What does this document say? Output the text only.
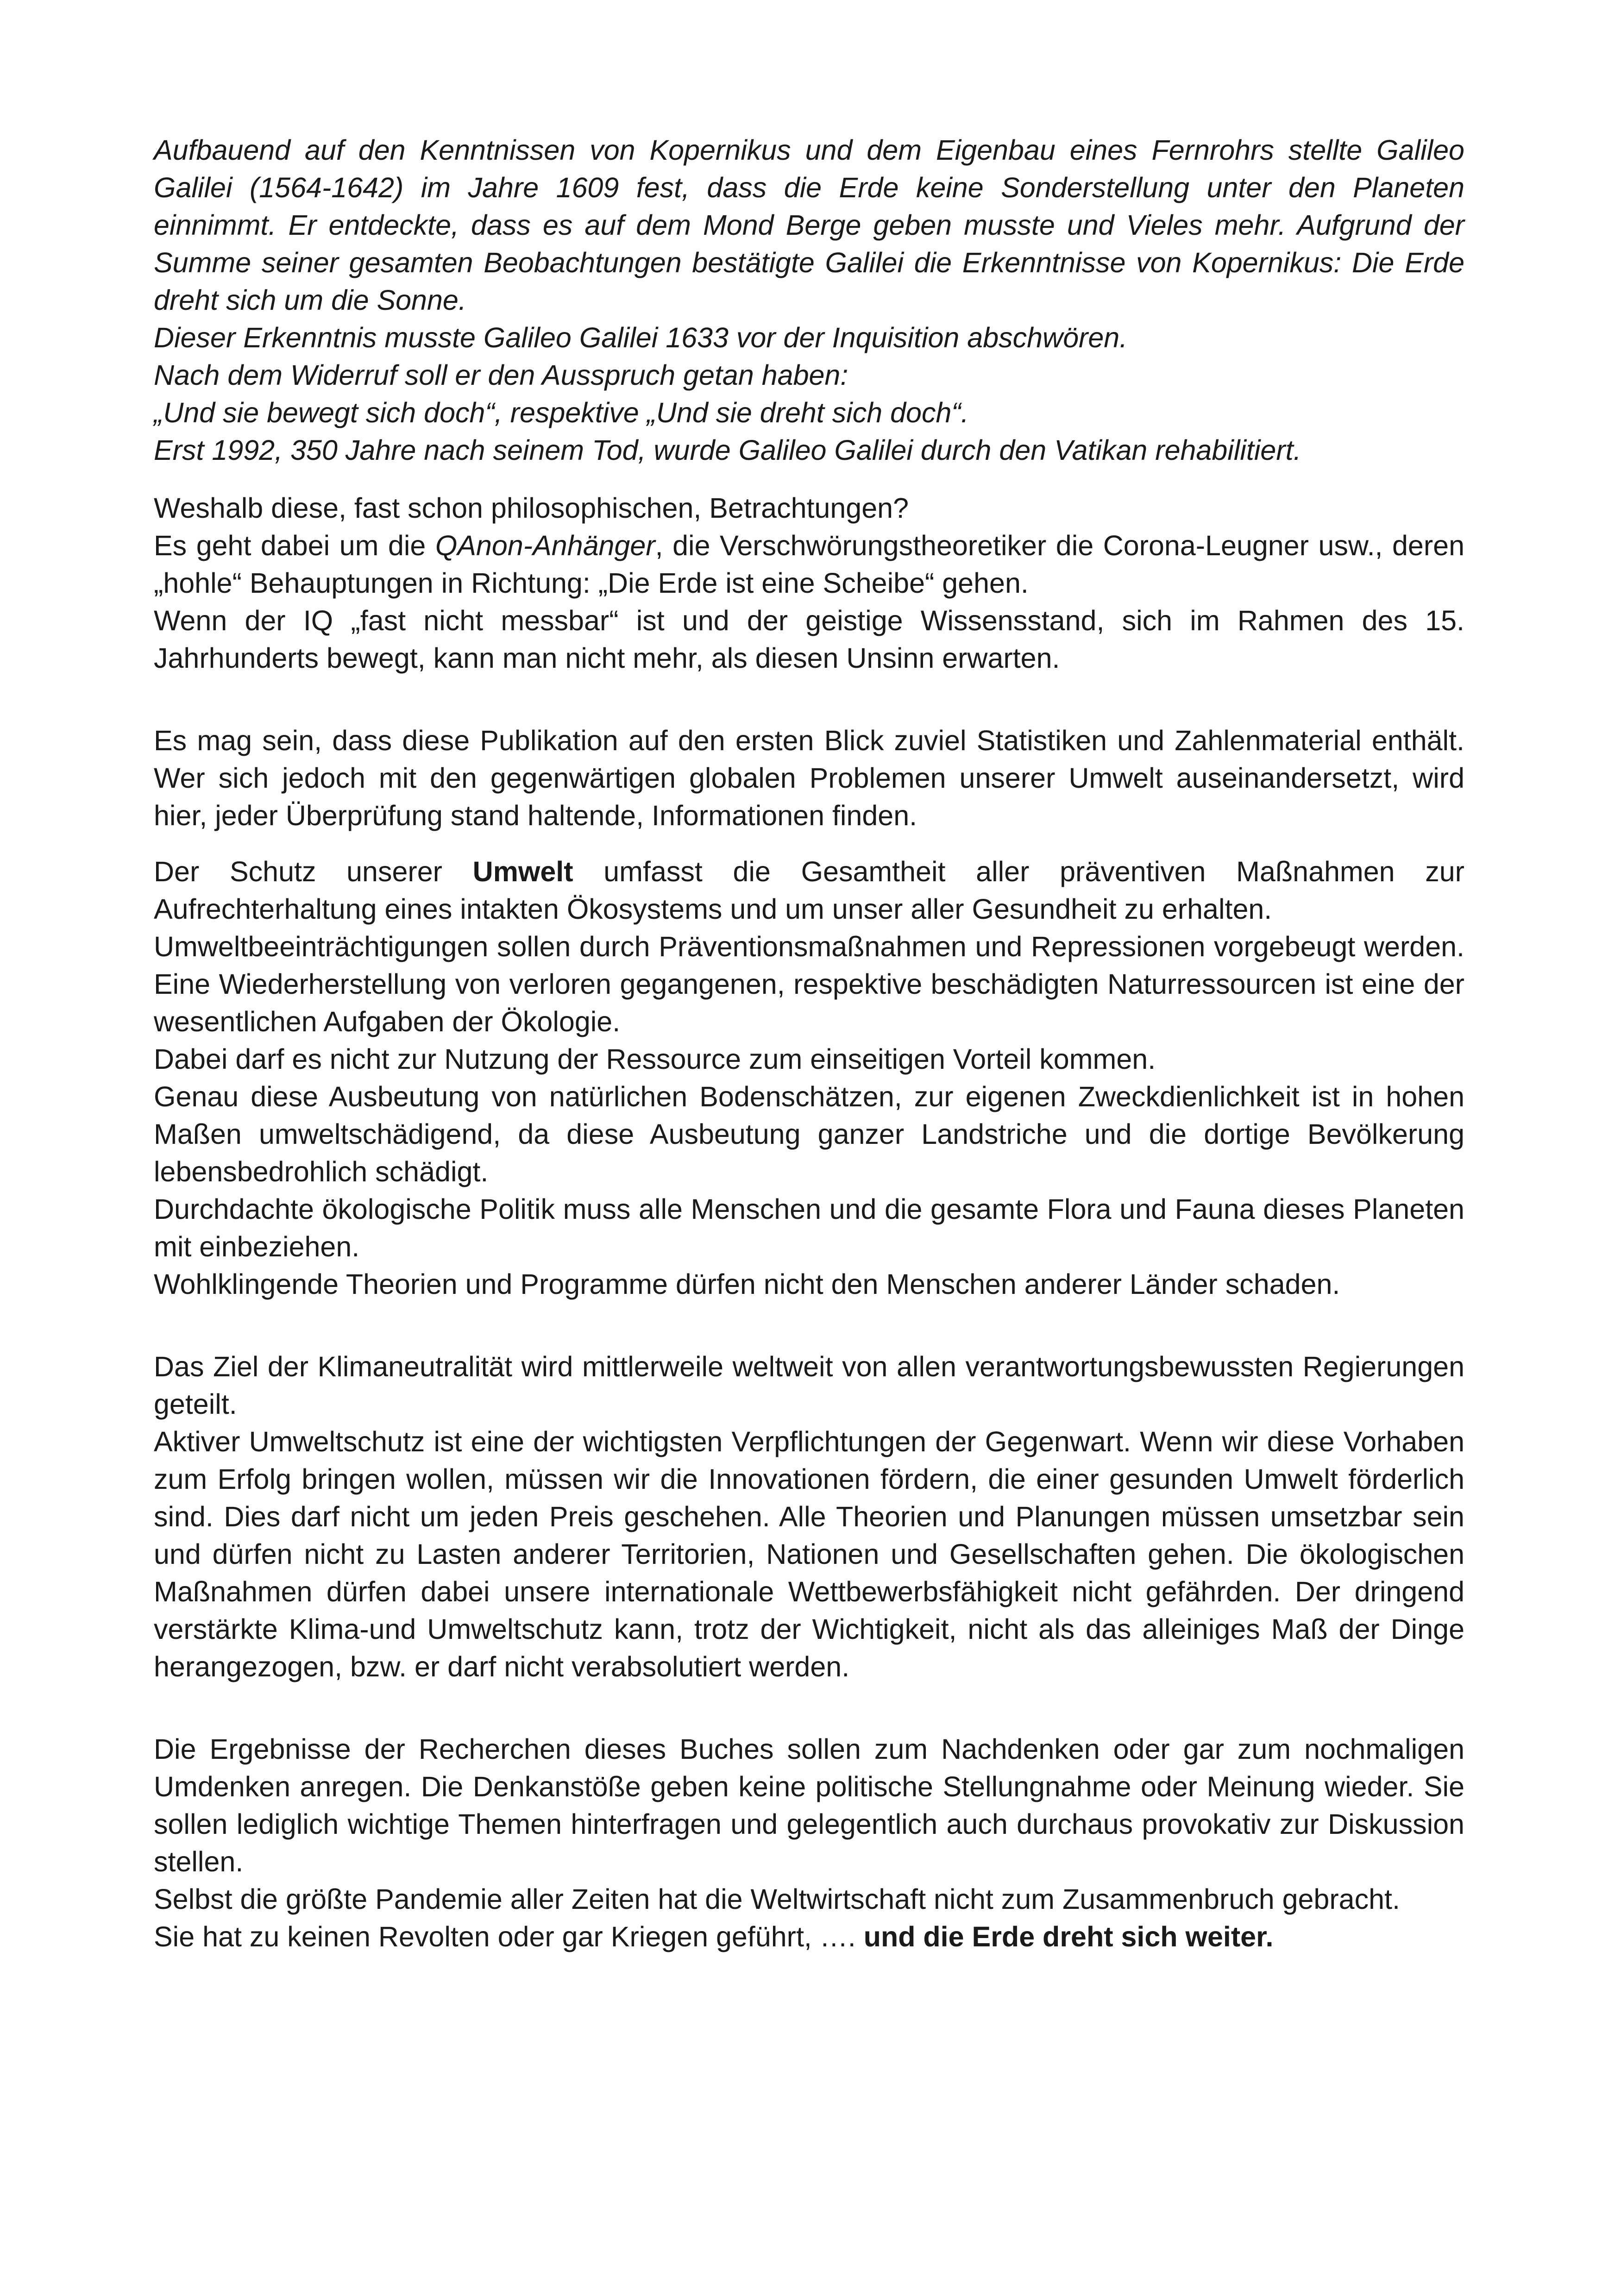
Aufbauend auf den Kenntnissen von Kopernikus und dem Eigenbau eines Fernrohrs stellte Galileo Galilei (1564-1642) im Jahre 1609 fest, dass die Erde keine Sonderstellung unter den Planeten einnimmt. Er entdeckte, dass es auf dem Mond Berge geben musste und Vieles mehr. Aufgrund der Summe seiner gesamten Beobachtungen bestätigte Galilei die Erkenntnisse von Kopernikus: Die Erde dreht sich um die Sonne.

Dieser Erkenntnis musste Galileo Galilei 1633 vor der Inquisition abschwören.

Nach dem Widerruf soll er den Ausspruch getan haben:

„Und sie bewegt sich doch“, respektive „Und sie dreht sich doch“.

Erst 1992, 350 Jahre nach seinem Tod, wurde Galileo Galilei durch den Vatikan rehabilitiert.

Weshalb diese, fast schon philosophischen, Betrachtungen?

Es geht dabei um die QAnon-Anhänger, die Verschwörungstheoretiker die Corona-Leugner usw., deren „hohle“ Behauptungen in Richtung: „Die Erde ist eine Scheibe“ gehen.

Wenn der IQ „fast nicht messbar“ ist und der geistige Wissensstand, sich im Rahmen des 15. Jahrhunderts bewegt, kann man nicht mehr, als diesen Unsinn erwarten.

Es mag sein, dass diese Publikation auf den ersten Blick zuviel Statistiken und Zahlenmaterial enthält. Wer sich jedoch mit den gegenwärtigen globalen Problemen unserer Umwelt auseinandersetzt, wird hier, jeder Überprüfung stand haltende, Informationen finden.

Der Schutz unserer Umwelt umfasst die Gesamtheit aller präventiven Maßnahmen zur Aufrechterhaltung eines intakten Ökosystems und um unser aller Gesundheit zu erhalten.

Umweltbeeinträchtigungen sollen durch Präventionsmaßnahmen und Repressionen vorgebeugt werden. Eine Wiederherstellung von verloren gegangenen, respektive beschädigten Naturressourcen ist eine der wesentlichen Aufgaben der Ökologie.

Dabei darf es nicht zur Nutzung der Ressource zum einseitigen Vorteil kommen.

Genau diese Ausbeutung von natürlichen Bodenschätzen, zur eigenen Zweckdienlichkeit ist in hohen Maßen umweltschädigend, da diese Ausbeutung ganzer Landstriche und die dortige Bevölkerung lebensbedrohlich schädigt.

Durchdachte ökologische Politik muss alle Menschen und die gesamte Flora und Fauna dieses Planeten mit einbeziehen.

Wohlklingende Theorien und Programme dürfen nicht den Menschen anderer Länder schaden.

Das Ziel der Klimaneutralität wird mittlerweile weltweit von allen verantwortungsbewussten Regierungen geteilt.

Aktiver Umweltschutz ist eine der wichtigsten Verpflichtungen der Gegenwart. Wenn wir diese Vorhaben zum Erfolg bringen wollen, müssen wir die Innovationen fördern, die einer gesunden Umwelt förderlich sind. Dies darf nicht um jeden Preis geschehen. Alle Theorien und Planungen müssen umsetzbar sein und dürfen nicht zu Lasten anderer Territorien, Nationen und Gesellschaften gehen. Die ökologischen Maßnahmen dürfen dabei unsere internationale Wettbewerbsfähigkeit nicht gefährden. Der dringend verstärkte Klima-und Umweltschutz kann, trotz der Wichtigkeit, nicht als das alleiniges Maß der Dinge herangezogen, bzw. er darf nicht verabsolutiert werden.

Die Ergebnisse der Recherchen dieses Buches sollen zum Nachdenken oder gar zum nochmaligen Umdenken anregen. Die Denkanstöße geben keine politische Stellungnahme oder Meinung wieder. Sie sollen lediglich wichtige Themen hinterfragen und gelegentlich auch durchaus provokativ zur Diskussion stellen.

Selbst die größte Pandemie aller Zeiten hat die Weltwirtschaft nicht zum Zusammenbruch gebracht.

Sie hat zu keinen Revolten oder gar Kriegen geführt, …. und die Erde dreht sich weiter.
